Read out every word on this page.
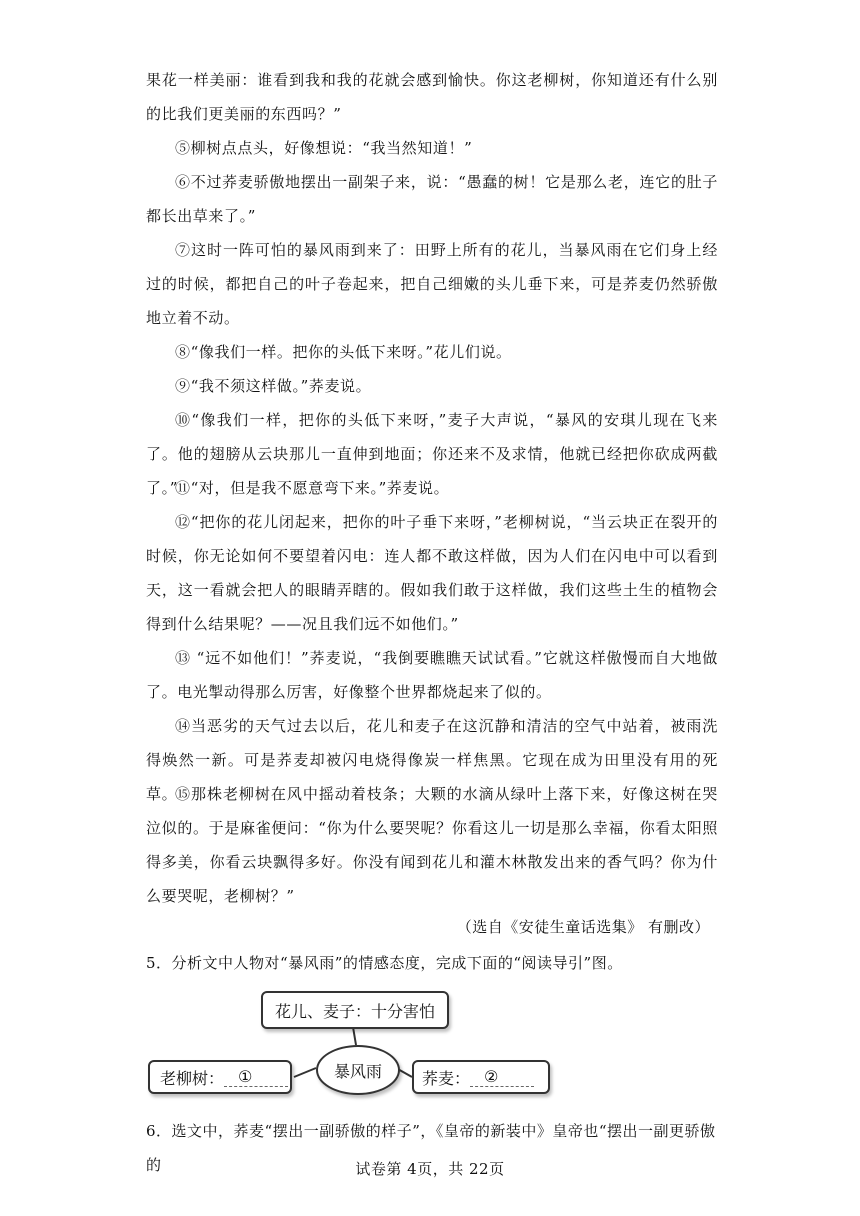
果花一样美丽：谁看到我和我的花就会感到愉快。你这老柳树，你知道还有什么别的比我们更美丽的东西吗？”

⑤柳树点点头，好像想说：“我当然知道！”

⑥不过荞麦骄傲地摆出一副架子来，说：“愚蠢的树！它是那么老，连它的肚子都长出草来了。”

⑦这时一阵可怕的暴风雨到来了：田野上所有的花儿，当暴风雨在它们身上经过的时候，都把自己的叶子卷起来，把自己细嫩的头儿垂下来，可是荞麦仍然骄傲地立着不动。

⑧“像我们一样。把你的头低下来呀。”花儿们说。

⑨“我不须这样做。”荞麦说。

⑩“像我们一样，把你的头低下来呀，”麦子大声说，“暴风的安琪儿现在飞来了。他的翅膀从云块那儿一直伸到地面；你还来不及求情，他就已经把你砍成两截了。”

⑪“对，但是我不愿意弯下来。”荞麦说。

⑫“把你的花儿闭起来，把你的叶子垂下来呀，”老柳树说，“当云块正在裂开的时候，你无论如何不要望着闪电：连人都不敢这样做，因为人们在闪电中可以看到天，这一看就会把人的眼睛弄瞎的。假如我们敢于这样做，我们这些土生的植物会得到什么结果呢？——况且我们远不如他们。”

⑬ “远不如他们！”荞麦说，“我倒要瞧瞧天试试看。”它就这样傲慢而自大地做了。电光掣动得那么厉害，好像整个世界都烧起来了似的。

⑭当恶劣的天气过去以后，花儿和麦子在这沉静和清洁的空气中站着，被雨洗得焕然一新。可是荞麦却被闪电烧得像炭一样焦黑。它现在成为田里没有用的死草。

⑮那株老柳树在风中摇动着枝条；大颗的水滴从绿叶上落下来，好像这树在哭泣似的。于是麻雀便问：“你为什么要哭呢？你看这儿一切是那么幸福，你看太阳照得多美，你看云块飘得多好。你没有闻到花儿和灌木林散发出来的香气吗？你为什么要哭呢，老柳树？”

（选自《安徒生童话选集》 有删改）

5．分析文中人物对“暴风雨”的情感态度，完成下面的“阅读导引”图。

花儿、麦子：十分害怕
暴风雨
老柳树： ①	荞麦： ②

6．选文中，荞麦“摆出一副骄傲的样子”，《皇帝的新装中》皇帝也“摆出一副更骄傲的	试卷第 4页，共 22页
